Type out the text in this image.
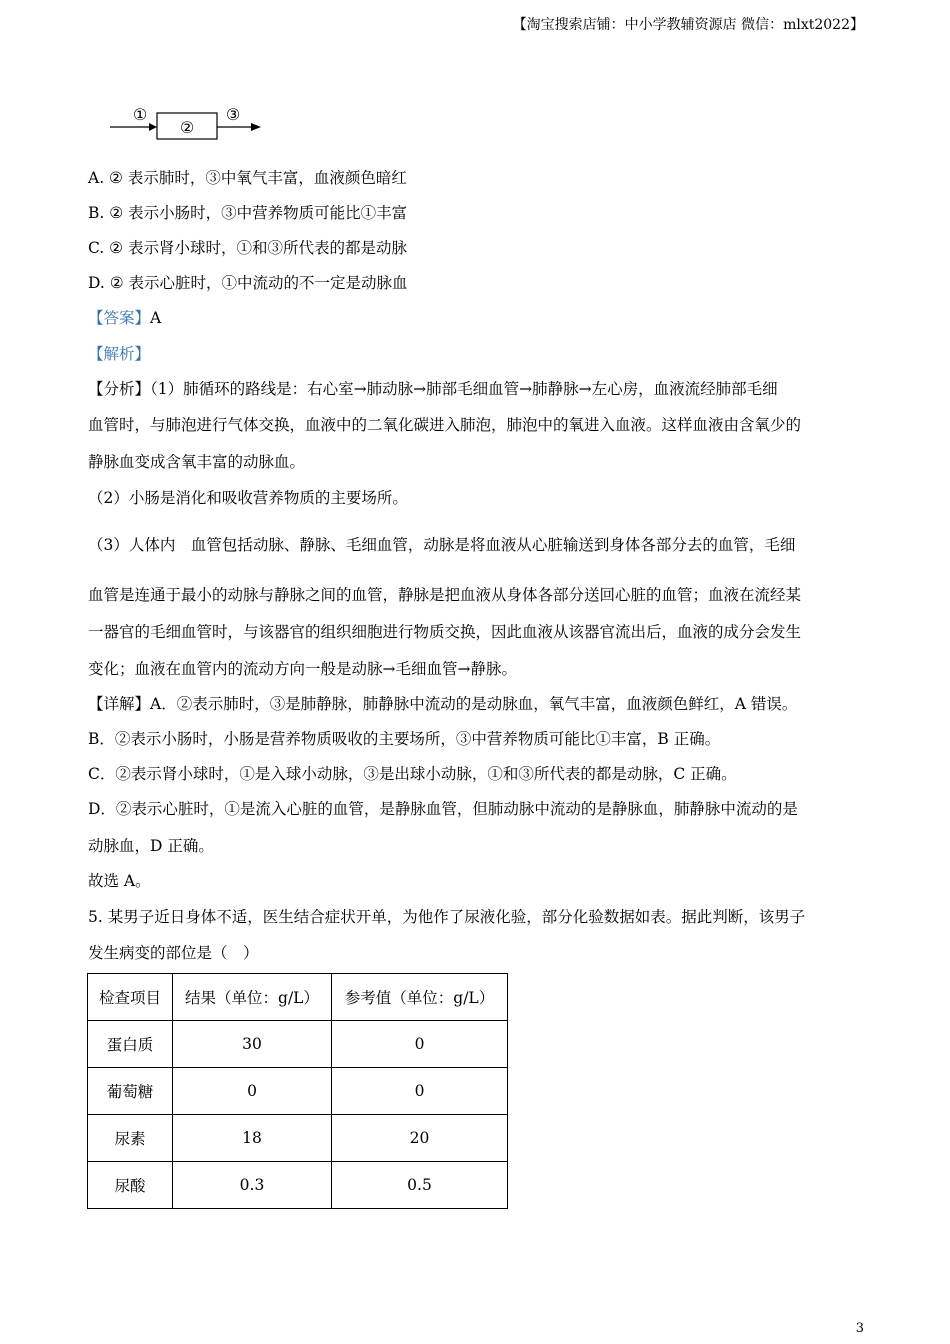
【淘宝搜索店铺：中小学教辅资源店 微信：mlxt2022】
①
②
③
A. ② 表示肺时，③中氧气丰富，血液颜色暗红
B. ② 表示小肠时，③中营养物质可能比①丰富
C. ② 表示肾小球时，①和③所代表的都是动脉
D. ② 表示心脏时，①中流动的不一定是动脉血
【答案】A
【解析】
【分析】（1）肺循环的路线是：右心室→肺动脉→肺部毛细血管→肺静脉→左心房，血液流经肺部毛细
血管时，与肺泡进行气体交换，血液中的二氧化碳进入肺泡，肺泡中的氧进入血液。这样血液由含氧少的
静脉血变成含氧丰富的动脉血。
（2）小肠是消化和吸收营养物质的主要场所。
（3）人体内　血管包括动脉、静脉、毛细血管，动脉是将血液从心脏输送到身体各部分去的血管，毛细
血管是连通于最小的动脉与静脉之间的血管，静脉是把血液从身体各部分送回心脏的血管；血液在流经某
一器官的毛细血管时，与该器官的组织细胞进行物质交换，因此血液从该器官流出后，血液的成分会发生
变化；血液在血管内的流动方向一般是动脉→毛细血管→静脉。
【详解】A．②表示肺时，③是肺静脉，肺静脉中流动的是动脉血，氧气丰富，血液颜色鲜红，A 错误。
B．②表示小肠时，小肠是营养物质吸收的主要场所，③中营养物质可能比①丰富，B 正确。
C．②表示肾小球时，①是入球小动脉，③是出球小动脉，①和③所代表的都是动脉，C 正确。
D．②表示心脏时，①是流入心脏的血管，是静脉血管，但肺动脉中流动的是静脉血，肺静脉中流动的是
动脉血，D 正确。
故选 A。
5. 某男子近日身体不适，医生结合症状开单，为他作了尿液化验，部分化验数据如表。据此判断，该男子
发生病变的部位是（　）
检查项目	结果（单位：g/L）	参考值（单位：g/L）
蛋白质	30	0
葡萄糖	0	0
尿素	18	20
尿酸	0.3	0.5
3
